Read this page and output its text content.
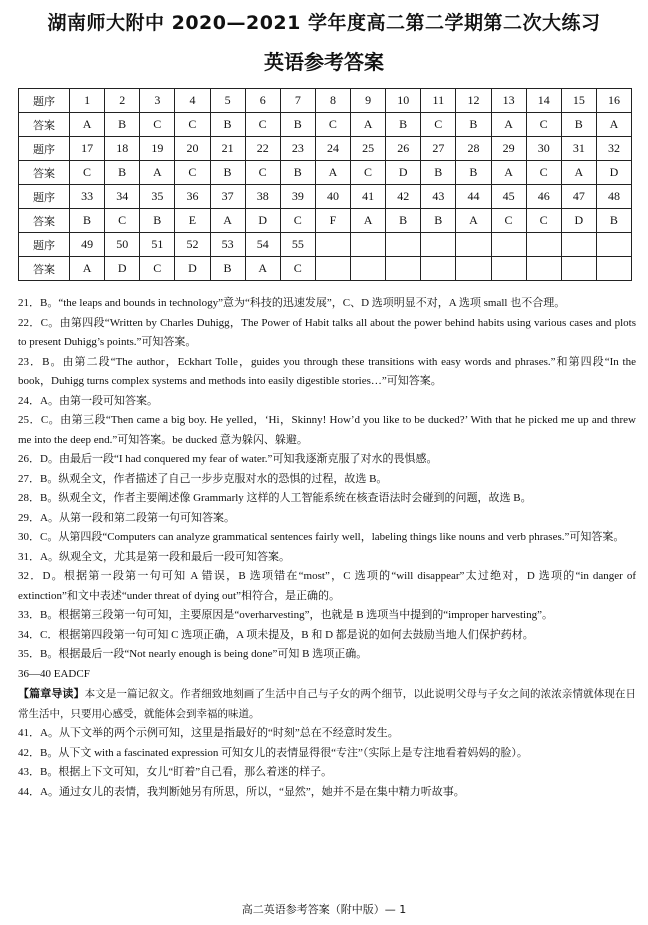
湖南师大附中 2020—2021 学年度高二第二学期第二次大练习
英语参考答案
题序	1	2	3	4	5	6	7	8	9	10	11	12	13	14	15	16
答案	A	B	C	C	B	C	B	C	A	B	C	B	A	C	B	A
题序	17	18	19	20	21	22	23	24	25	26	27	28	29	30	31	32
答案	C	B	A	C	B	C	B	A	C	D	B	B	A	C	A	D
题序	33	34	35	36	37	38	39	40	41	42	43	44	45	46	47	48
答案	B	C	B	E	A	D	C	F	A	B	B	A	C	C	D	B
题序	49	50	51	52	53	54	55									
答案	A	D	C	D	B	A	C									

21．B。“the leaps and bounds in technology”意为“科技的迅速发展”，C、D 选项明显不对，A 选项 small 也不合理。

22．C。由第四段“Written by Charles Duhigg，The Power of Habit talks all about the power behind habits using various cases and plots to present Duhigg’s points.”可知答案。

23．B。由第二段“The author，Eckhart Tolle，guides you through these transitions with easy words and phrases.”和第四段“In the book，Duhigg turns complex systems and methods into easily digestible stories…”可知答案。

24．A。由第一段可知答案。

25．C。由第三段“Then came a big boy. He yelled，‘Hi，Skinny! How’d you like to be ducked?’ With that he picked me up and threw me into the deep end.”可知答案。be ducked 意为躲闪、躲避。

26．D。由最后一段“I had conquered my fear of water.”可知我逐渐克服了对水的畏惧感。

27．B。纵观全文，作者描述了自己一步步克服对水的恐惧的过程，故选 B。

28．B。纵观全文，作者主要阐述像 Grammarly 这样的人工智能系统在核查语法时会碰到的问题，故选 B。

29．A。从第一段和第二段第一句可知答案。

30．C。从第四段“Computers can analyze grammatical sentences fairly well，labeling things like nouns and verb phrases.”可知答案。

31．A。纵观全文，尤其是第一段和最后一段可知答案。

32．D。根据第一段第一句可知 A 错误，B 选项错在“most”，C 选项的“will disappear”太过绝对，D 选项的“in danger of extinction”和文中表述“under threat of dying out”相符合，是正确的。

33．B。根据第三段第一句可知，主要原因是“overharvesting”，也就是 B 选项当中提到的“improper harvesting”。

34．C．根据第四段第一句可知 C 选项正确，A 项未提及，B 和 D 都是说的如何去鼓励当地人们保护药材。

35．B。根据最后一段“Not nearly enough is being done”可知 B 选项正确。

36—40 EADCF

【篇章导读】本文是一篇记叙文。作者细致地刻画了生活中自己与子女的两个细节，以此说明父母与子女之间的浓浓亲情就体现在日常生活中，只要用心感受，就能体会到幸福的味道。

41．A。从下文举的两个示例可知，这里是指最好的“时刻”总在不经意时发生。

42．B。从下文 with a fascinated expression 可知女儿的表情显得很“专注”（实际上是专注地看着妈妈的脸）。

43．B。根据上下文可知，女儿“盯着”自己看，那么着迷的样子。

44．A。通过女儿的表情，我判断她另有所思，所以，“显然”，她并不是在集中精力听故事。

高二英语参考答案（附中版）— 1
